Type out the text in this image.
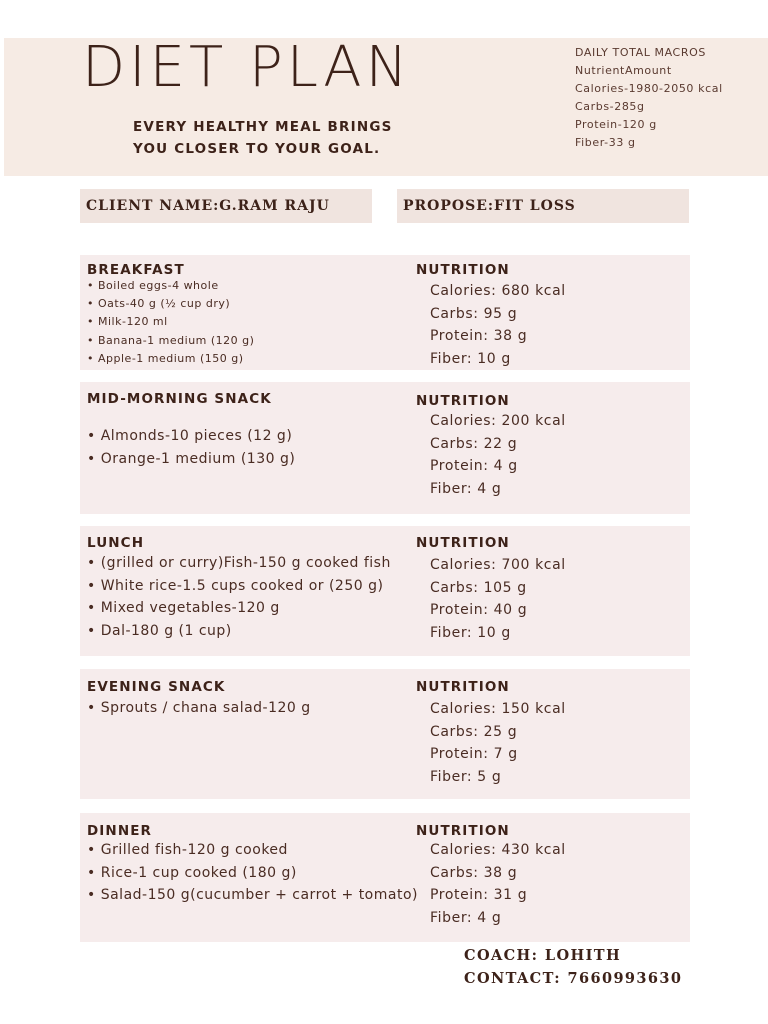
DIET PLAN

EVERY HEALTHY MEAL BRINGS
YOU CLOSER TO YOUR GOAL.

DAILY TOTAL MACROS
NutrientAmount
Calories-1980-2050 kcal
Carbs-285g
Protein-120 g
Fiber-33 g
CLIENT NAME:G.RAM RAJU	PROPOSE:FIT LOSS
BREAKFAST
• Boiled eggs-4 whole
• Oats-40 g (½ cup dry)
• Milk-120 ml
• Banana-1 medium (120 g)
• Apple-1 medium (150 g)
NUTRITION
Calories: 680 kcal
Carbs: 95 g
Protein: 38 g
Fiber: 10 g
MID-MORNING SNACK
• Almonds-10 pieces (12 g)
• Orange-1 medium (130 g)
NUTRITION
Calories: 200 kcal
Carbs: 22 g
Protein: 4 g
Fiber: 4 g
LUNCH
• (grilled or curry)Fish-150 g cooked fish
• White rice-1.5 cups cooked or (250 g)
• Mixed vegetables-120 g
• Dal-180 g (1 cup)
NUTRITION
Calories: 700 kcal
Carbs: 105 g
Protein: 40 g
Fiber: 10 g
EVENING SNACK
• Sprouts / chana salad-120 g
NUTRITION
Calories: 150 kcal
Carbs: 25 g
Protein: 7 g
Fiber: 5 g
DINNER
• Grilled fish-120 g cooked
• Rice-1 cup cooked (180 g)
• Salad-150 g(cucumber + carrot + tomato)
NUTRITION
Calories: 430 kcal
Carbs: 38 g
Protein: 31 g
Fiber: 4 g
COACH: LOHITH
CONTACT: 7660993630
